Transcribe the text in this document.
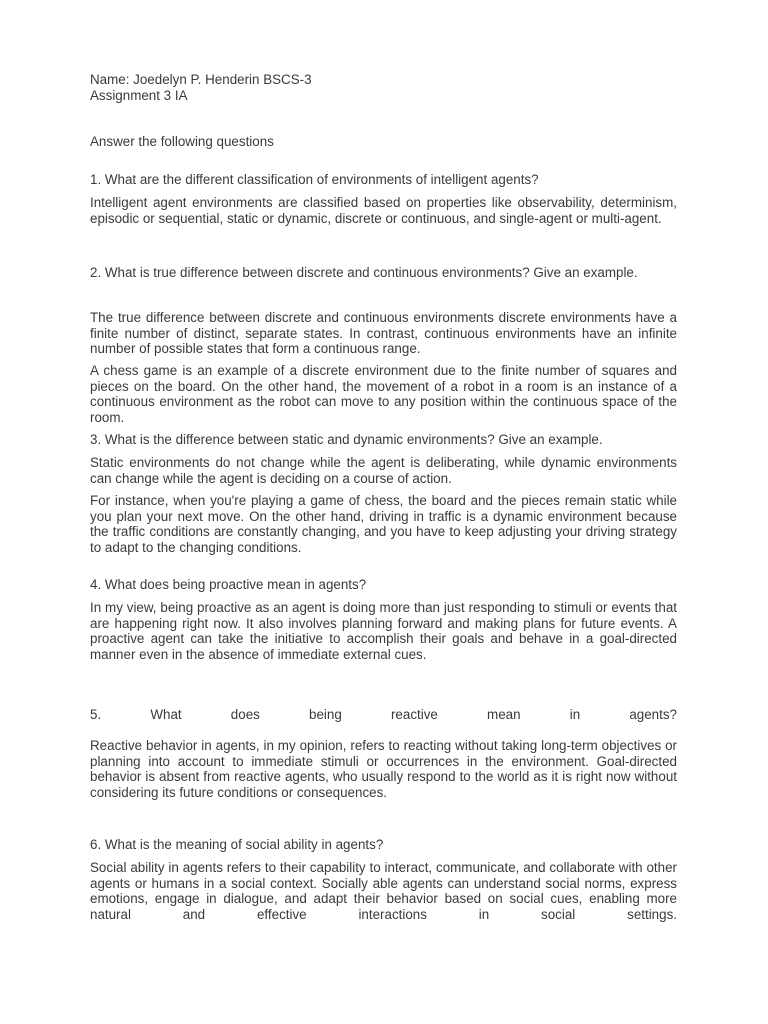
Name: Joedelyn P. Henderin BSCS-3

Assignment 3 IA

Answer the following questions

1. What are the different classification of environments of intelligent agents?

Intelligent agent environments are classified based on properties like observability, determinism, episodic or sequential, static or dynamic, discrete or continuous, and single-agent or multi-agent.

2. What is true difference between discrete and continuous environments? Give an example.

The true difference between discrete and continuous environments discrete environments have a finite number of distinct, separate states. In contrast, continuous environments have an infinite number of possible states that form a continuous range.

A chess game is an example of a discrete environment due to the finite number of squares and pieces on the board. On the other hand, the movement of a robot in a room is an instance of a continuous environment as the robot can move to any position within the continuous space of the room.

3. What is the difference between static and dynamic environments? Give an example.

Static environments do not change while the agent is deliberating, while dynamic environments can change while the agent is deciding on a course of action.

For instance, when you're playing a game of chess, the board and the pieces remain static while you plan your next move. On the other hand, driving in traffic is a dynamic environment because the traffic conditions are constantly changing, and you have to keep adjusting your driving strategy to adapt to the changing conditions.

4. What does being proactive mean in agents?

In my view, being proactive as an agent is doing more than just responding to stimuli or events that are happening right now. It also involves planning forward and making plans for future events. A proactive agent can take the initiative to accomplish their goals and behave in a goal-directed manner even in the absence of immediate external cues.

5. What does being reactive mean in agents?

Reactive behavior in agents, in my opinion, refers to reacting without taking long-term objectives or planning into account to immediate stimuli or occurrences in the environment. Goal-directed behavior is absent from reactive agents, who usually respond to the world as it is right now without considering its future conditions or consequences.

6. What is the meaning of social ability in agents?

Social ability in agents refers to their capability to interact, communicate, and collaborate with other agents or humans in a social context. Socially able agents can understand social norms, express emotions, engage in dialogue, and adapt their behavior based on social cues, enabling more natural and effective interactions in social settings.
